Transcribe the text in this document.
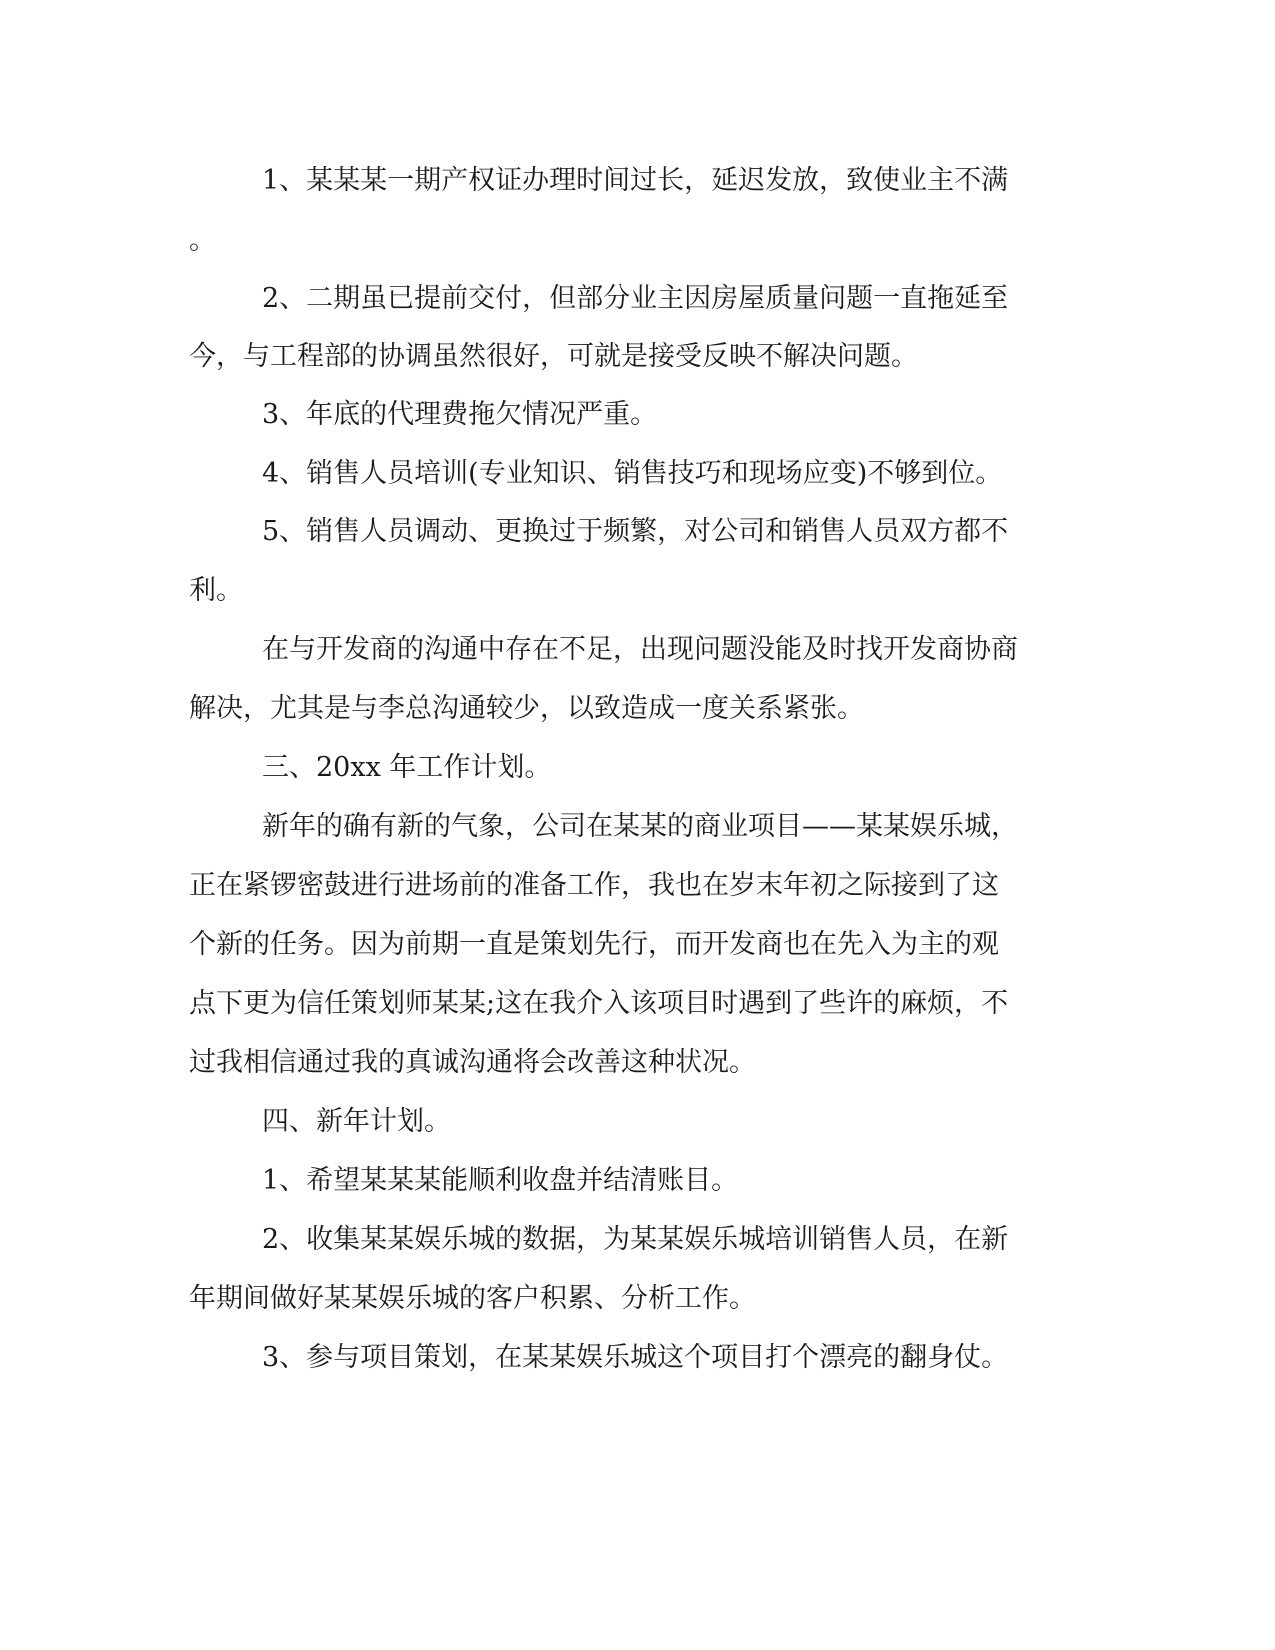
1、某某某一期产权证办理时间过长，延迟发放，致使业主不满
。
2、二期虽已提前交付，但部分业主因房屋质量问题一直拖延至
今，与工程部的协调虽然很好，可就是接受反映不解决问题。
3、年底的代理费拖欠情况严重。
4、销售人员培训(专业知识、销售技巧和现场应变)不够到位。
5、销售人员调动、更换过于频繁，对公司和销售人员双方都不
利。
在与开发商的沟通中存在不足，出现问题没能及时找开发商协商
解决，尤其是与李总沟通较少，以致造成一度关系紧张。
三、20xx 年工作计划。
新年的确有新的气象，公司在某某的商业项目——某某娱乐城，
正在紧锣密鼓进行进场前的准备工作，我也在岁末年初之际接到了这
个新的任务。因为前期一直是策划先行，而开发商也在先入为主的观
点下更为信任策划师某某;这在我介入该项目时遇到了些许的麻烦，不
过我相信通过我的真诚沟通将会改善这种状况。
四、新年计划。
1、希望某某某能顺利收盘并结清账目。
2、收集某某娱乐城的数据，为某某娱乐城培训销售人员，在新
年期间做好某某娱乐城的客户积累、分析工作。
3、参与项目策划，在某某娱乐城这个项目打个漂亮的翻身仗。
